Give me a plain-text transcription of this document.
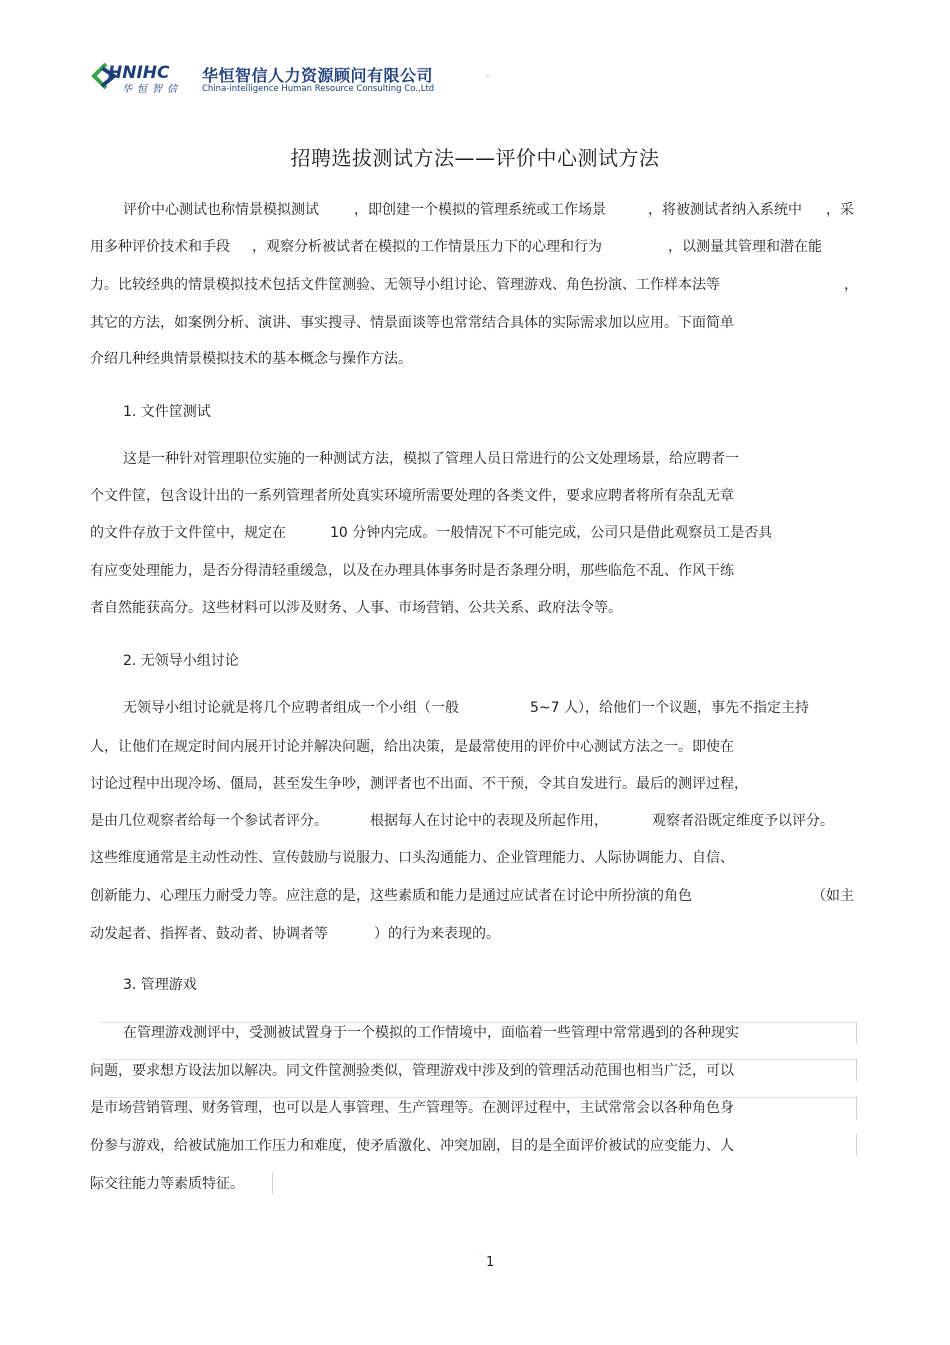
HNIHC
华恒智信
华恒智信人力资源顾问有限公司
China-intelligence Human Resource Consulting Co.,Ltd
。
招聘选拔测试方法——评价中心测试方法
评价中心测试也称情景模拟测试	，即创建一个模拟的管理系统或工作场景	，将被测试者纳入系统中 ，采
用多种评价技术和手段 ，观察分析被试者在模拟的工作情景压力下的心理和行为	，以测量其管理和潜在能
力。比较经典的情景模拟技术包括文件筐测验、无领导小组讨论、管理游戏、角色扮演、工作样本法等	，
其它的方法，如案例分析、演讲、事实搜寻、情景面谈等也常常结合具体的实际需求加以应用。下面简单
介绍几种经典情景模拟技术的基本概念与操作方法。
1. 文件筐测试
这是一种针对管理职位实施的一种测试方法，模拟了管理人员日常进行的公文处理场景，给应聘者一
个文件筐，包含设计出的一系列管理者所处真实环境所需要处理的各类文件，要求应聘者将所有杂乱无章
的文件存放于文件筐中，规定在	10 分钟内完成。一般情况下不可能完成，公司只是借此观察员工是否具
有应变处理能力，是否分得清轻重缓急，以及在办理具体事务时是否条理分明，那些临危不乱、作风干练
者自然能获高分。这些材料可以涉及财务、人事、市场营销、公共关系、政府法令等。
2. 无领导小组讨论
无领导小组讨论就是将几个应聘者组成一个小组（一般	5~7 人），给他们一个议题，事先不指定主持
人，让他们在规定时间内展开讨论并解决问题，给出决策，是最常使用的评价中心测试方法之一。即使在
讨论过程中出现冷场、僵局，甚至发生争吵，测评者也不出面、不干预，令其自发进行。最后的测评过程，
是由几位观察者给每一个参试者评分。	根据每人在讨论中的表现及所起作用，	观察者沿既定维度予以评分。
这些维度通常是主动性动性、宣传鼓励与说服力、口头沟通能力、企业管理能力、人际协调能力、自信、
创新能力、心理压力耐受力等。应注意的是，这些素质和能力是通过应试者在讨论中所扮演的角色	（如主
动发起者、指挥者、鼓动者、协调者等	）的行为来表现的。
3. 管理游戏
在管理游戏测评中，受测被试置身于一个模拟的工作情境中，面临着一些管理中常常遇到的各种现实
问题，要求想方设法加以解决。同文件筐测验类似，管理游戏中涉及到的管理活动范围也相当广泛，可以
是市场营销管理、财务管理，也可以是人事管理、生产管理等。在测评过程中，主试常常会以各种角色身
份参与游戏，给被试施加工作压力和难度，使矛盾激化、冲突加剧，目的是全面评价被试的应变能力、人
际交往能力等素质特征。
· 1
